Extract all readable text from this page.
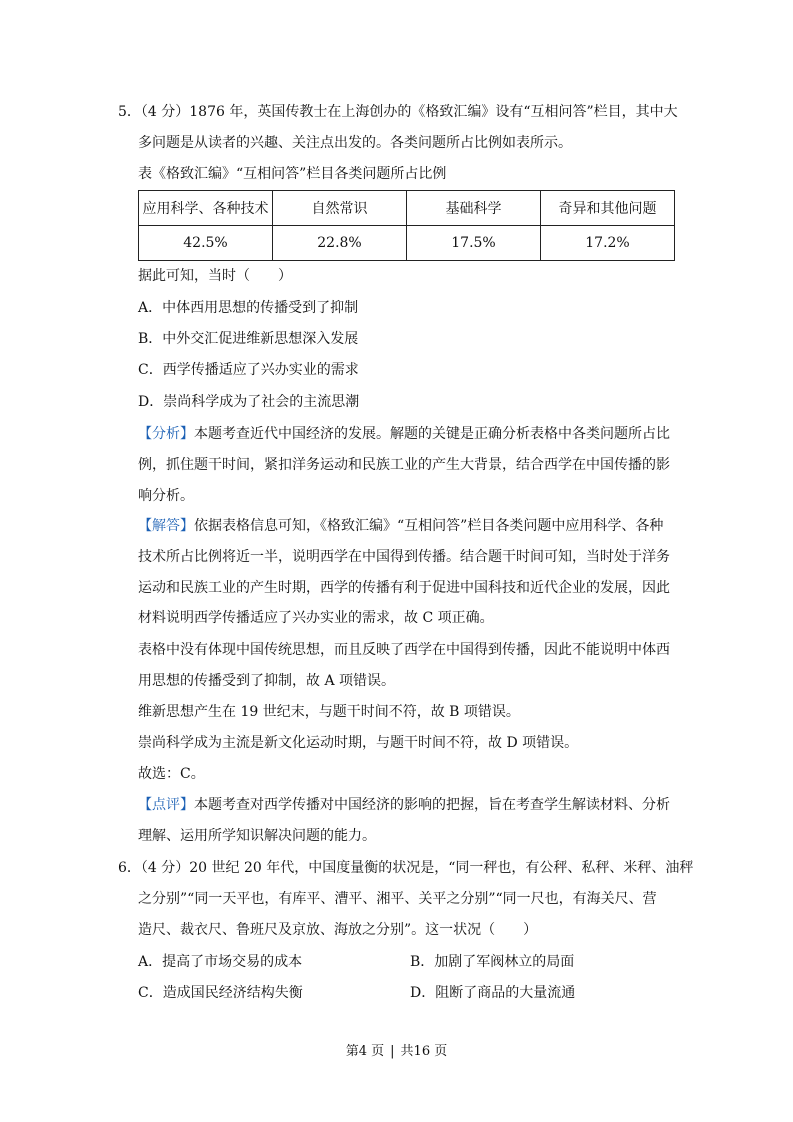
5．（4 分）1876 年，英国传教士在上海创办的《格致汇编》设有“互相问答”栏目，其中大
多问题是从读者的兴趣、关注点出发的。各类问题所占比例如表所示。
表《格致汇编》“互相问答”栏目各类问题所占比例
应用科学、各种技术	自然常识	基础科学	奇异和其他问题
42.5%	22.8%	17.5%	17.2%
据此可知，当时（　　）
A．中体西用思想的传播受到了抑制
B．中外交汇促进维新思想深入发展
C．西学传播适应了兴办实业的需求
D．崇尚科学成为了社会的主流思潮
【分析】本题考查近代中国经济的发展。解题的关键是正确分析表格中各类问题所占比
例，抓住题干时间，紧扣洋务运动和民族工业的产生大背景，结合西学在中国传播的影
响分析。
【解答】依据表格信息可知，《格致汇编》“互相问答”栏目各类问题中应用科学、各种
技术所占比例将近一半，说明西学在中国得到传播。结合题干时间可知，当时处于洋务
运动和民族工业的产生时期，西学的传播有利于促进中国科技和近代企业的发展，因此
材料说明西学传播适应了兴办实业的需求，故 C 项正确。
表格中没有体现中国传统思想，而且反映了西学在中国得到传播，因此不能说明中体西
用思想的传播受到了抑制，故 A 项错误。
维新思想产生在 19 世纪末，与题干时间不符，故 B 项错误。
崇尚科学成为主流是新文化运动时期，与题干时间不符，故 D 项错误。
故选：C。
【点评】本题考查对西学传播对中国经济的影响的把握，旨在考查学生解读材料、分析
理解、运用所学知识解决问题的能力。
6．（4 分）20 世纪 20 年代，中国度量衡的状况是，“同一秤也，有公秤、私秤、米秤、油秤
之分别”“同一天平也，有库平、漕平、湘平、关平之分别”“同一尺也，有海关尺、营
造尺、裁衣尺、鲁班尺及京放、海放之分别”。这一状况（　　）
A．提高了市场交易的成本	B．加剧了军阀林立的局面
C．造成国民经济结构失衡	D．阻断了商品的大量流通
第4 页 | 共16 页
